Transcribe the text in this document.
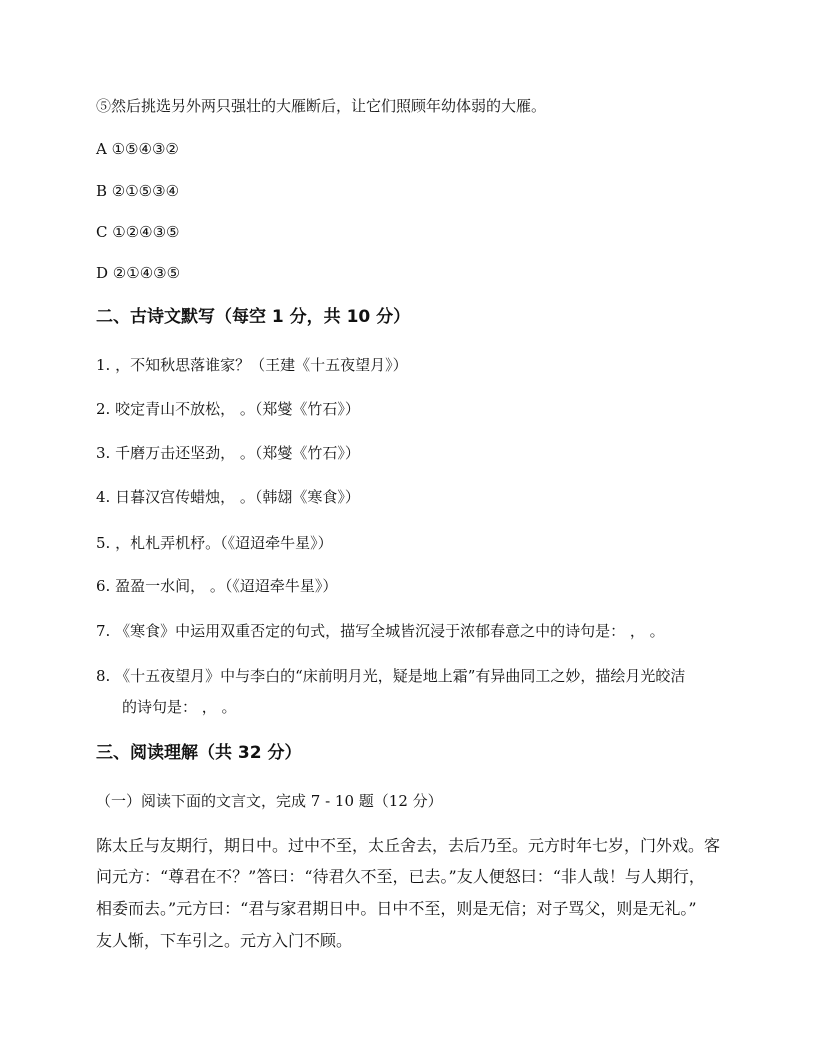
⑤然后挑选另外两只强壮的大雁断后，让它们照顾年幼体弱的大雁。
A ①⑤④③②
B ②①⑤③④
C ①②④③⑤
D ②①④③⑤
二、古诗文默写（每空 1 分，共 10 分）
1. ，不知秋思落谁家？（王建《十五夜望月》）
2. 咬定青山不放松， 。（郑燮《竹石》）
3. 千磨万击还坚劲， 。（郑燮《竹石》）
4. 日暮汉宫传蜡烛， 。（韩翃《寒食》）
5. ，札札弄机杼。（《迢迢牵牛星》）
6. 盈盈一水间， 。（《迢迢牵牛星》）
7. 《寒食》中运用双重否定的句式，描写全城皆沉浸于浓郁春意之中的诗句是： ， 。
8. 《十五夜望月》中与李白的“床前明月光，疑是地上霜”有异曲同工之妙，描绘月光皎洁
的诗句是： ， 。
三、阅读理解（共 32 分）
（一）阅读下面的文言文，完成 7 - 10 题（12 分）
陈太丘与友期行，期日中。过中不至，太丘舍去，去后乃至。元方时年七岁，门外戏。客
问元方：“尊君在不？”答曰：“待君久不至，已去。”友人便怒曰：“非人哉！与人期行，
相委而去。”元方曰：“君与家君期日中。日中不至，则是无信；对子骂父，则是无礼。”
友人惭，下车引之。元方入门不顾。
